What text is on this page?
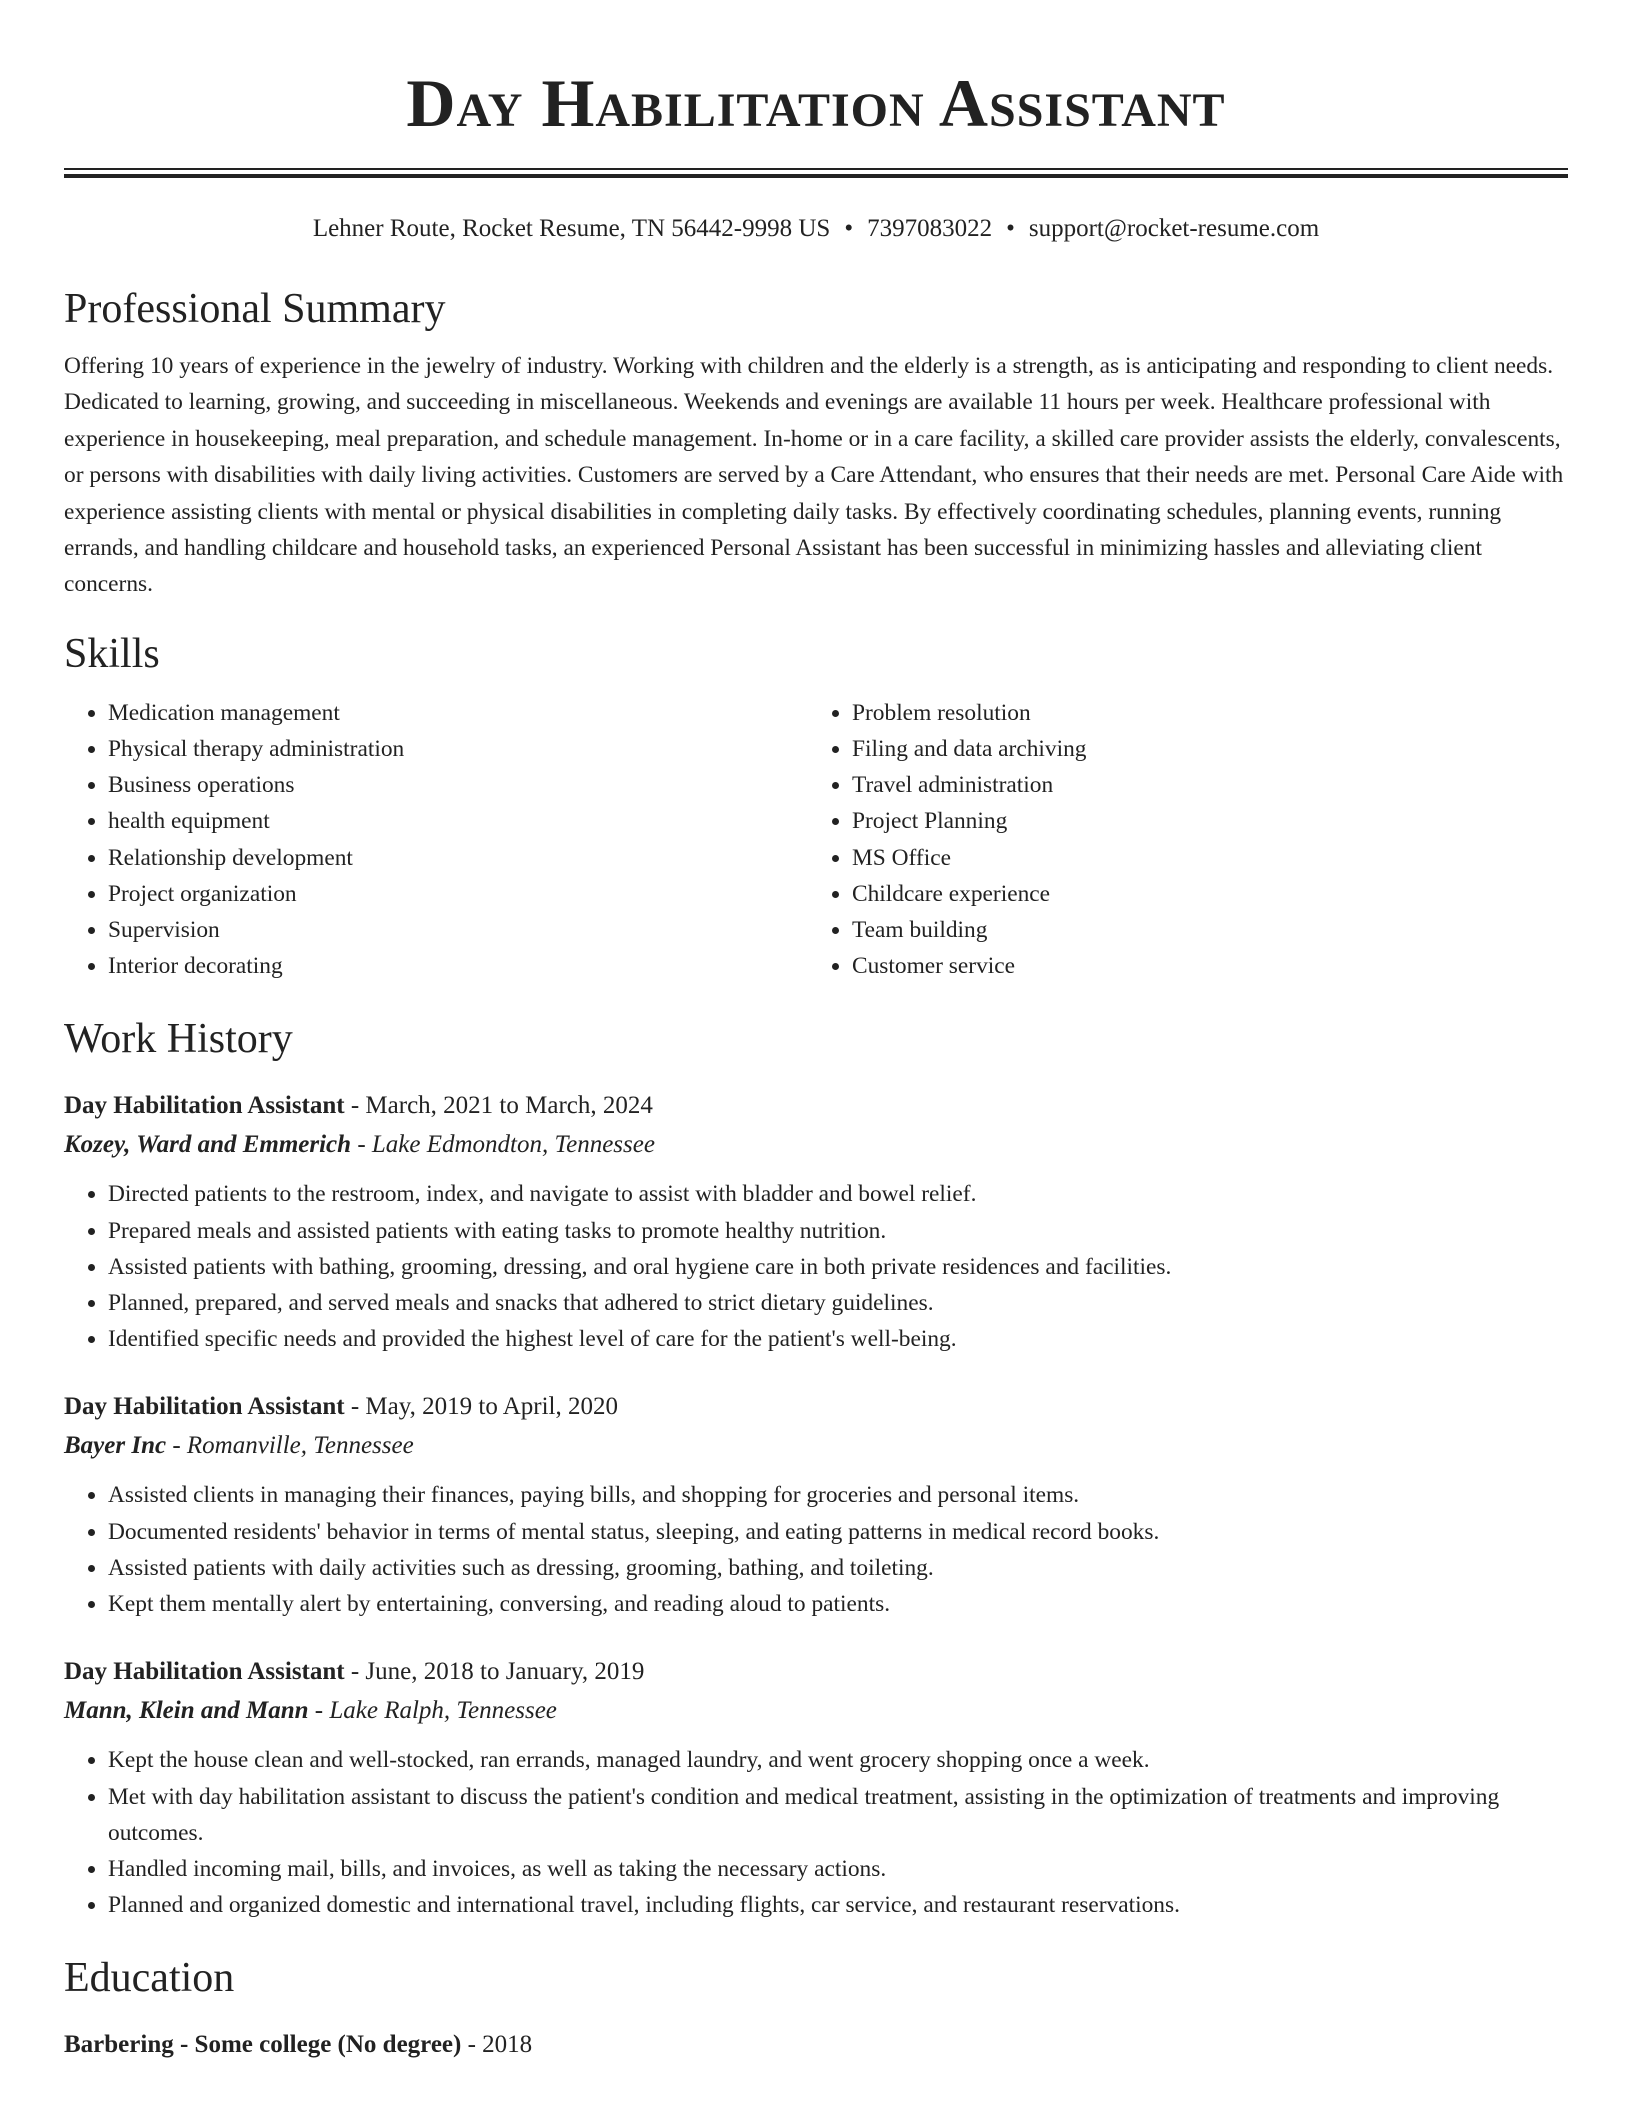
Day Habilitation Assistant
Lehner Route, Rocket Resume, TN 56442-9998 US • 7397083022 • support@rocket-resume.com
Professional Summary

Offering 10 years of experience in the jewelry of industry. Working with children and the elderly is a strength, as is anticipating and responding to client needs. Dedicated to learning, growing, and succeeding in miscellaneous. Weekends and evenings are available 11 hours per week. Healthcare professional with experience in housekeeping, meal preparation, and schedule management. In-home or in a care facility, a skilled care provider assists the elderly, convalescents, or persons with disabilities with daily living activities. Customers are served by a Care Attendant, who ensures that their needs are met. Personal Care Aide with experience assisting clients with mental or physical disabilities in completing daily tasks. By effectively coordinating schedules, planning events, running errands, and handling childcare and household tasks, an experienced Personal Assistant has been successful in minimizing hassles and alleviating client concerns.

Skills
• Medication management
• Physical therapy administration
• Business operations
• health equipment
• Relationship development
• Project organization
• Supervision
• Interior decorating
• Problem resolution
• Filing and data archiving
• Travel administration
• Project Planning
• MS Office
• Childcare experience
• Team building
• Customer service
Work History
Day Habilitation Assistant - March, 2021 to March, 2024
Kozey, Ward and Emmerich - Lake Edmondton, Tennessee
• Directed patients to the restroom, index, and navigate to assist with bladder and bowel relief.
• Prepared meals and assisted patients with eating tasks to promote healthy nutrition.
• Assisted patients with bathing, grooming, dressing, and oral hygiene care in both private residences and facilities.
• Planned, prepared, and served meals and snacks that adhered to strict dietary guidelines.
• Identified specific needs and provided the highest level of care for the patient's well-being.
Day Habilitation Assistant - May, 2019 to April, 2020
Bayer Inc - Romanville, Tennessee
• Assisted clients in managing their finances, paying bills, and shopping for groceries and personal items.
• Documented residents' behavior in terms of mental status, sleeping, and eating patterns in medical record books.
• Assisted patients with daily activities such as dressing, grooming, bathing, and toileting.
• Kept them mentally alert by entertaining, conversing, and reading aloud to patients.
Day Habilitation Assistant - June, 2018 to January, 2019
Mann, Klein and Mann - Lake Ralph, Tennessee
• Kept the house clean and well-stocked, ran errands, managed laundry, and went grocery shopping once a week.
• Met with day habilitation assistant to discuss the patient's condition and medical treatment, assisting in the optimization of treatments and improving outcomes.
• Handled incoming mail, bills, and invoices, as well as taking the necessary actions.
• Planned and organized domestic and international travel, including flights, car service, and restaurant reservations.
Education
Barbering - Some college (No degree) - 2018
